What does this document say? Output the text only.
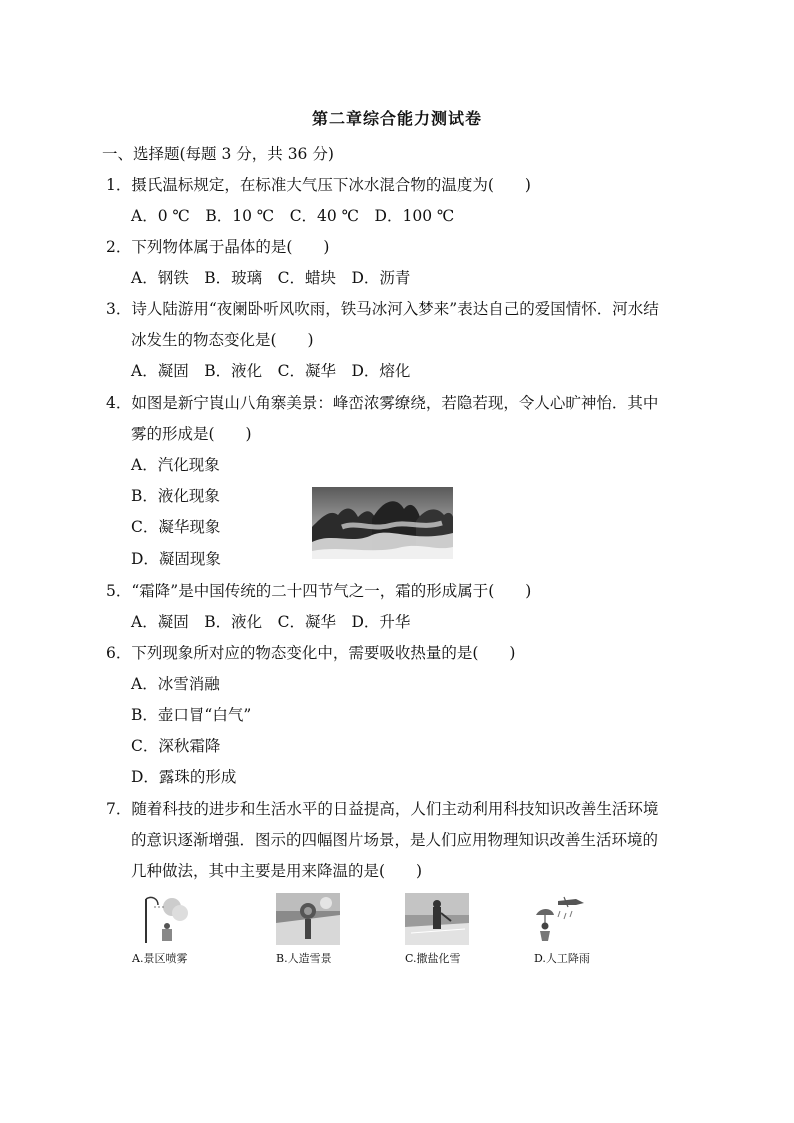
第二章综合能力测试卷
一、选择题(每题 3 分，共 36 分)
1．摄氏温标规定，在标准大气压下冰水混合物的温度为(　　)
A．0 ℃　B．10 ℃　C．40 ℃　D．100 ℃
2．下列物体属于晶体的是(　　)
A．钢铁　B．玻璃　C．蜡块　D．沥青
3．诗人陆游用“夜阑卧听风吹雨，铁马冰河入梦来”表达自己的爱国情怀．河水结
冰发生的物态变化是(　　)
A．凝固　B．液化　C．凝华　D．熔化
4．如图是新宁崀山八角寨美景：峰峦浓雾缭绕，若隐若现，令人心旷神怡．其中
雾的形成是(　　)
A．汽化现象
B．液化现象
C．凝华现象
D．凝固现象
5．“霜降”是中国传统的二十四节气之一，霜的形成属于(　　)
A．凝固　B．液化　C．凝华　D．升华
6．下列现象所对应的物态变化中，需要吸收热量的是(　　)
A．冰雪消融
B．壶口冒“白气”
C．深秋霜降
D．露珠的形成
7．随着科技的进步和生活水平的日益提高，人们主动利用科技知识改善生活环境
的意识逐渐增强．图示的四幅图片场景，是人们应用物理知识改善生活环境的
几种做法，其中主要是用来降温的是(　　)
A.景区喷雾	B.人造雪景	C.撒盐化雪	D.人工降雨
